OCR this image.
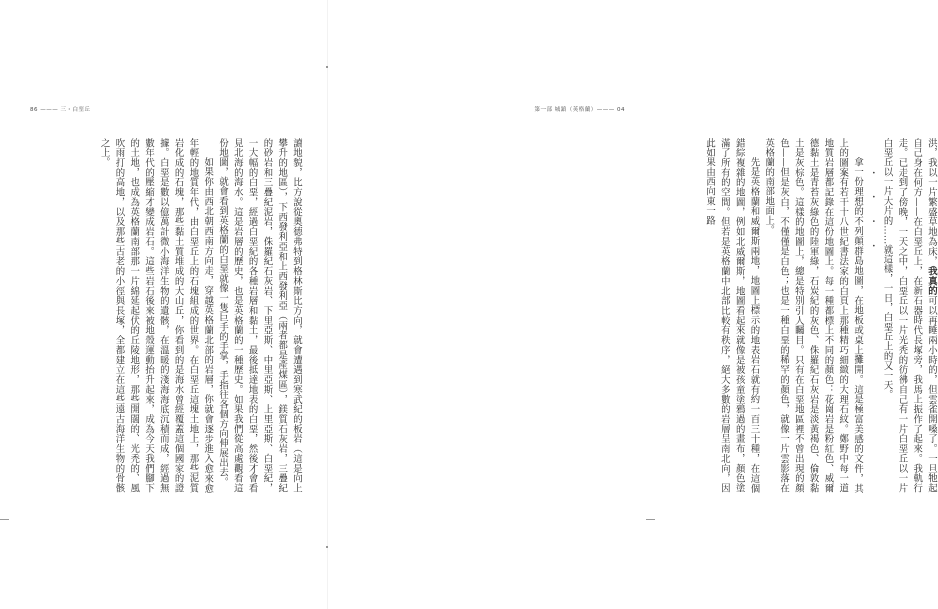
86 ——— 三・白堊丘

讀地貌，比方說從奧德弗特到格林斯比方向，就會遭遇到寒武紀的板岩（這是向上攀升的地區），下西發利亞和上西發利亞（兩者都是產煤區），鎂質石灰岩，三疊紀的砂岩和三疊紀泥岩，侏羅紀石灰岩、下里亞斯、中里亞斯、上里亞斯、白堊紀，一大幅的白堊，經過白堊紀的各種岩層和黏土，最後抵達地表的白堊，然後才會看見北海的海水。這是岩層的歷史，也是英格蘭的一種歷史。如果我們從高處觀看這份地圖，就會看到英格蘭的白堊就像一隻巨手的手掌，手指往各個方向伸展出去。

如果你由西北朝西南方向走，穿越英格蘭北部的岩層，你就會逐步進入愈來愈年輕的地質年代，由白堊丘上的石塊組成的世界。在白堊丘這塊土地上，那些泥質岩化成的石塊，那些黏土質堆成的大山丘，你看到的是海水曾經覆蓋這個國家的證據。白堊是數以億萬計微小海洋生物的遺骸，在溫暖的淺海海底沉積而成，經過無數年代的壓縮才變成岩石。這些岩石後來被地殼運動抬升起來，成為今天我們腳下的土地，也成為英格蘭南部那一片綿延起伏的丘陵地形，那些開闊的、光禿的、風吹雨打的高地，以及那些古老的小徑與長塚，全都建立在這些遠古海洋生物的骨骸之上。

第一部 城鎮（英格蘭）——— 04

洪，我以一片繁盛草地為床，我真的可以再睡兩小時的，但雲雀開嗓了。一旦牠起自己身在何方——在白堊丘上，在新石器時代長塚旁，我馬上振作了起來。我軌行走。已走到了傍晚，一天之中，白堊丘以一片光秃的彷彿自己有一片白堊丘以一片白堊丘以一片大片的……就這樣，一日，白堊丘上的又一天。

・・・・

拿一份理想的不列顛群島地圖，在地板或桌上攤開。這是極富美感的文件，其上的圖案有若干十八世紀書法家的白頁上那種精巧細緻的大理石紋。鄭野中每一道地質岩層都記錄在這份地圖上。每一種都標上不同的顏色：花崗岩是粉紅色、威爾德黏土是青苔灰綠色的陸軍綠，石炭紀的灰色、侏羅紀石灰岩是淡黃褐色、倫敦黏土是灰棕色。這樣的地圖上，總是特別引人矚目。只有在白堊地區裡不曾出現的顏色——但是灰白，不僅僅是白色；也是一種白堊的稀罕的顏色，就像一片雲影落在英格蘭的南部地面上。

先是英格蘭和威爾斯兩地，地圖上標示的地表岩石就有約一百三十種，在這個錯綜複雜的地圖，例如北威爾斯，地圖看起來就像是被孩童塗鴉過的畫布，顏色塗滿了所有的空間。但若是英格蘭中北部比較有秩序，絕大多數的岩層呈南北向，因此如果由西向東一路
